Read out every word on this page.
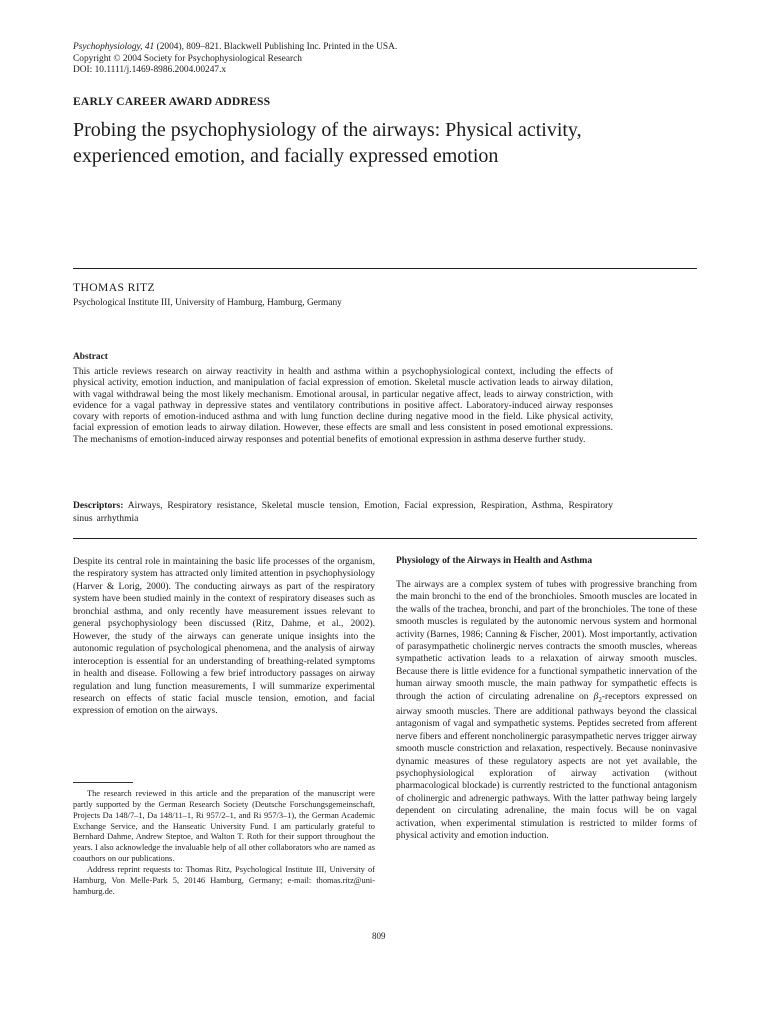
Psychophysiology, 41 (2004), 809–821. Blackwell Publishing Inc. Printed in the USA.
Copyright © 2004 Society for Psychophysiological Research
DOI: 10.1111/j.1469-8986.2004.00247.x
EARLY CAREER AWARD ADDRESS
Probing the psychophysiology of the airways: Physical activity, experienced emotion, and facially expressed emotion
THOMAS RITZ
Psychological Institute III, University of Hamburg, Hamburg, Germany
Abstract
This article reviews research on airway reactivity in health and asthma within a psychophysiological context, including the effects of physical activity, emotion induction, and manipulation of facial expression of emotion. Skeletal muscle activation leads to airway dilation, with vagal withdrawal being the most likely mechanism. Emotional arousal, in particular negative affect, leads to airway constriction, with evidence for a vagal pathway in depressive states and ventilatory contributions in positive affect. Laboratory-induced airway responses covary with reports of emotion-induced asthma and with lung function decline during negative mood in the field. Like physical activity, facial expression of emotion leads to airway dilation. However, these effects are small and less consistent in posed emotional expressions. The mechanisms of emotion-induced airway responses and potential benefits of emotional expression in asthma deserve further study.
Descriptors: Airways, Respiratory resistance, Skeletal muscle tension, Emotion, Facial expression, Respiration, Asthma, Respiratory sinus arrhythmia

Despite its central role in maintaining the basic life processes of the organism, the respiratory system has attracted only limited attention in psychophysiology (Harver & Lorig, 2000). The conducting airways as part of the respiratory system have been studied mainly in the context of respiratory diseases such as bronchial asthma, and only recently have measurement issues relevant to general psychophysiology been discussed (Ritz, Dahme, et al., 2002). However, the study of the airways can generate unique insights into the autonomic regulation of psychological phenomena, and the analysis of airway interoception is essential for an understanding of breathing-related symptoms in health and disease. Following a few brief introductory passages on airway regulation and lung function measurements, I will summarize experimental research on effects of static facial muscle tension, emotion, and facial expression of emotion on the airways.

The research reviewed in this article and the preparation of the manuscript were partly supported by the German Research Society (Deutsche Forschungsgemeinschaft, Projects Da 148/7–1, Da 148/11–1, Ri 957/2–1, and Ri 957/3–1), the German Academic Exchange Service, and the Hanseatic University Fund. I am particularly grateful to Bernhard Dahme, Andrew Steptoe, and Walton T. Roth for their support throughout the years. I also acknowledge the invaluable help of all other collaborators who are named as coauthors on our publications.

Address reprint requests to: Thomas Ritz, Psychological Institute III, University of Hamburg, Von Melle-Park 5, 20146 Hamburg, Germany; e-mail: thomas.ritz@uni-hamburg.de.

Physiology of the Airways in Health and Asthma

The airways are a complex system of tubes with progressive branching from the main bronchi to the end of the bronchioles. Smooth muscles are located in the walls of the trachea, bronchi, and part of the bronchioles. The tone of these smooth muscles is regulated by the autonomic nervous system and hormonal activity (Barnes, 1986; Canning & Fischer, 2001). Most importantly, activation of parasympathetic cholinergic nerves contracts the smooth muscles, whereas sympathetic activation leads to a relaxation of airway smooth muscles. Because there is little evidence for a functional sympathetic innervation of the human airway smooth muscle, the main pathway for sympathetic effects is through the action of circulating adrenaline on $\beta_2$-receptors expressed on airway smooth muscles. There are additional pathways beyond the classical antagonism of vagal and sympathetic systems. Peptides secreted from afferent nerve fibers and efferent noncholinergic parasympathetic nerves trigger airway smooth muscle constriction and relaxation, respectively. Because noninvasive dynamic measures of these regulatory aspects are not yet available, the psychophysiological exploration of airway activation (without pharmacological blockade) is currently restricted to the functional antagonism of cholinergic and adrenergic pathways. With the latter pathway being largely dependent on circulating adrenaline, the main focus will be on vagal activation, when experimental stimulation is restricted to milder forms of physical activity and emotion induction.

809
